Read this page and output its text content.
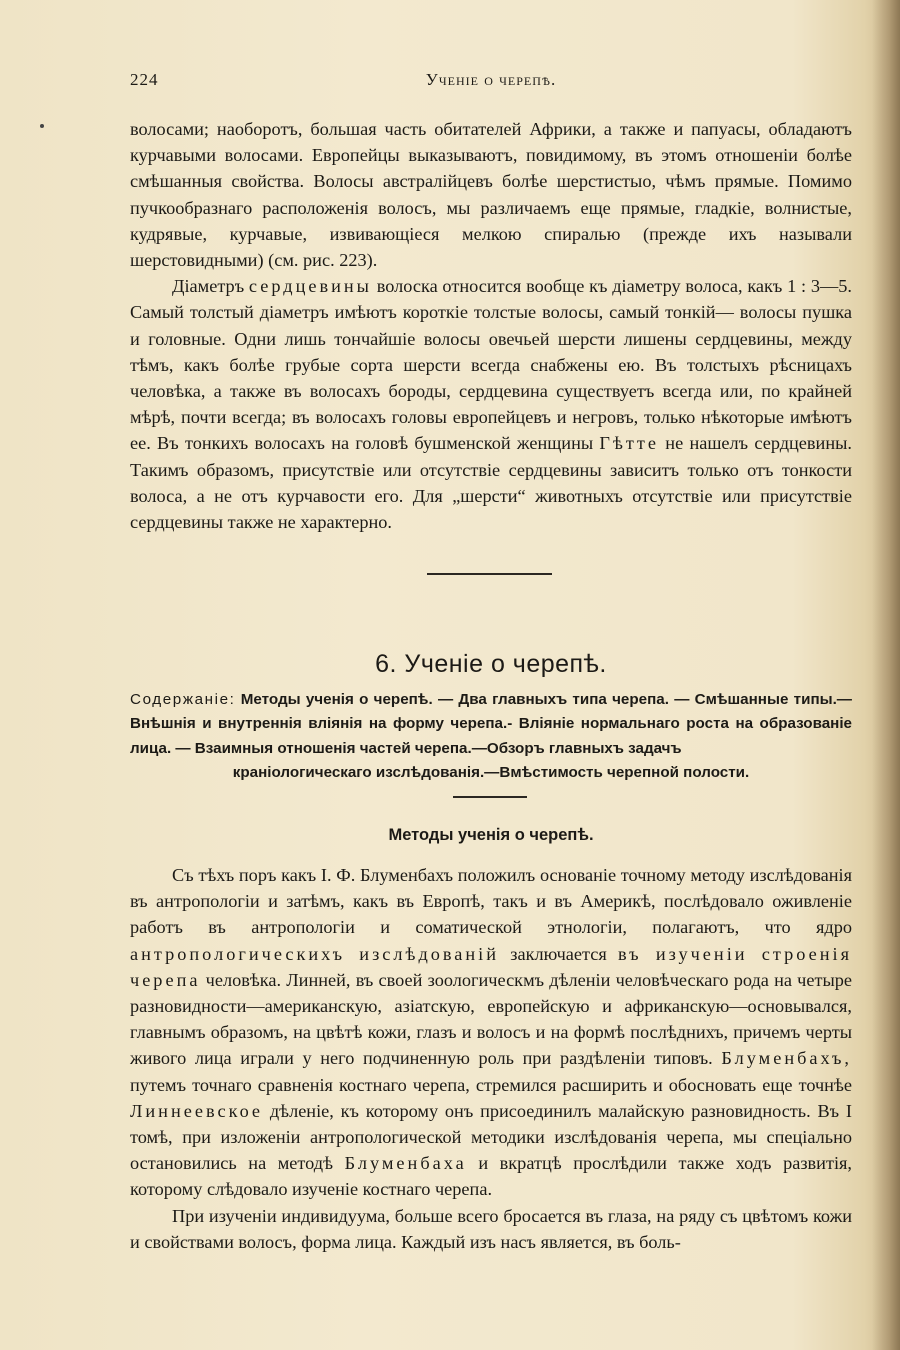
224	Ученіе о черепѣ.

волосами; наоборотъ, большая часть обитателей Африки, а также и папуасы, обладаютъ курчавыми волосами. Европейцы выказываютъ, повидимому, въ этомъ отношеніи болѣе смѣшанныя свойства. Волосы австралійцевъ болѣе шерстистыо, чѣмъ прямые. Помимо пучкообразнаго расположенія волосъ, мы различаемъ еще прямые, гладкіе, волнистые, кудрявые, курчавые, извивающіеся мелкою спиралью (прежде ихъ называли шерстовидными) (см. рис. 223).

Діаметръ сердцевины волоска относится вообще къ діаметру волоса, какъ 1 : 3—5. Самый толстый діаметръ имѣютъ короткіе толстые волосы, самый тонкій— волосы пушка и головные. Одни лишь тончайшіе волосы овечьей шерсти лишены сердцевины, между тѣмъ, какъ болѣе грубые сорта шерсти всегда снабжены ею. Въ толстыхъ рѣсницахъ человѣка, а также въ волосахъ бороды, сердцевина существуетъ всегда или, по крайней мѣрѣ, почти всегда; въ волосахъ головы европейцевъ и негровъ, только нѣкоторые имѣютъ ее. Въ тонкихъ волосахъ на головѣ бушменской женщины Гѣтте не нашелъ сердцевины. Такимъ образомъ, присутствіе или отсутствіе сердцевины зависитъ только отъ тонкости волоса, а не отъ курчавости его. Для „шерсти“ животныхъ отсутствіе или присутствіе сердцевины также не характерно.

6. Ученіе о черепѣ.
Содержаніе: Методы ученія о черепѣ. — Два главныхъ типа черепа. — Смѣшанные типы.—Внѣшнія и внутреннія вліянія на форму черепа.- Вліяніе нормальнаго роста на образованіе лица. — Взаимныя отношенія частей черепа.—Обзоръ главныхъ задачъ
краніологическаго изслѣдованія.—Вмѣстимость черепной полости.
Методы ученія о черепѣ.

Съ тѣхъ поръ какъ І. Ф. Блуменбахъ положилъ основаніе точному методу изслѣдованія въ антропологіи и затѣмъ, какъ въ Европѣ, такъ и въ Америкѣ, послѣдовало оживленіе работъ въ антропологіи и соматической этнологіи, полагаютъ, что ядро антропологическихъ изслѣдованій заключается въ изученіи строенія черепа человѣка. Линней, въ своей зоологическмъ дѣленіи человѣческаго рода на четыре разновидности—американскую, азіатскую, европейскую и африканскую—основывался, главнымъ образомъ, на цвѣтѣ кожи, глазъ и волосъ и на формѣ послѣднихъ, причемъ черты живого лица играли у него подчиненную роль при раздѣленіи типовъ. Блуменбахъ, путемъ точнаго сравненія костнаго черепа, стремился расширить и обосновать еще точнѣе Линнеевское дѣленіе, къ которому онъ присоединилъ малайскую разновидность. Въ І томѣ, при изложеніи антропологической методики изслѣдованія черепа, мы спеціально остановились на методѣ Блуменбаха и вкратцѣ прослѣдили также ходъ развитія, которому слѣдовало изученіе костнаго черепа.

При изученіи индивидуума, больше всего бросается въ глаза, на ряду съ цвѣтомъ кожи и свойствами волосъ, форма лица. Каждый изъ насъ является, въ боль-
